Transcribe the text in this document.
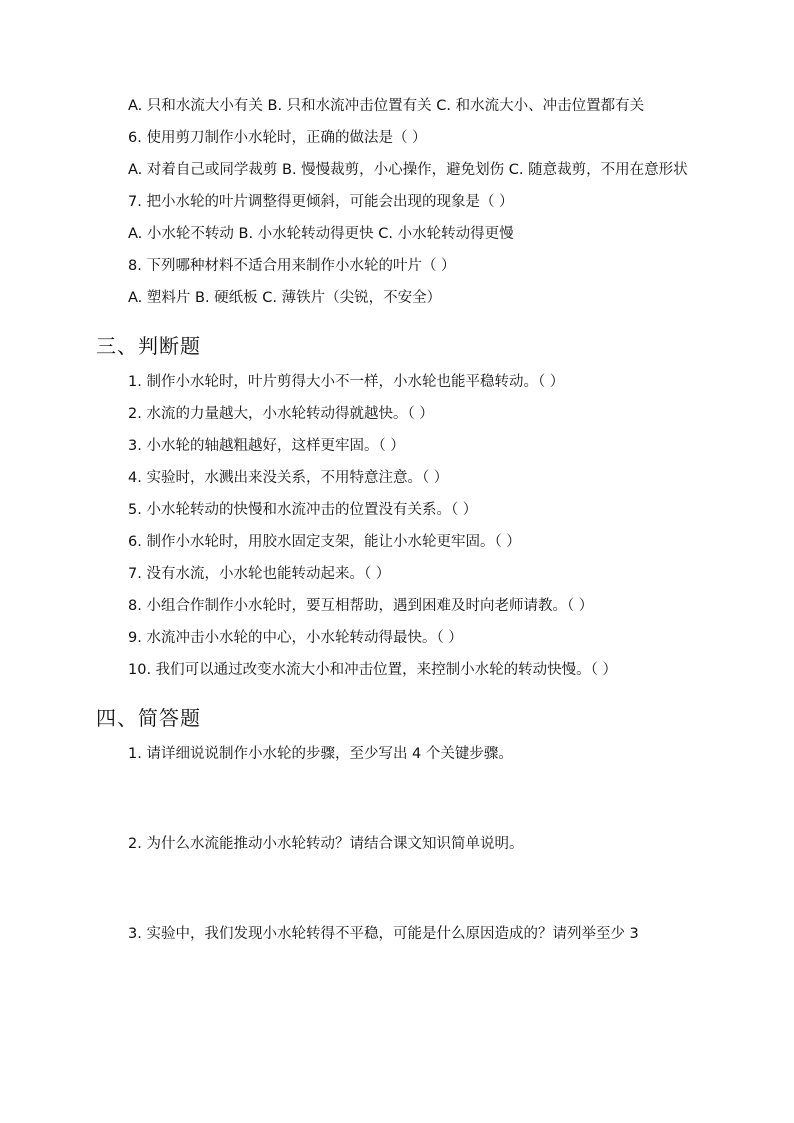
A. 只和水流大小有关 B. 只和水流冲击位置有关 C. 和水流大小、冲击位置都有关
6. 使用剪刀制作小水轮时，正确的做法是（ ）
A. 对着自己或同学裁剪 B. 慢慢裁剪，小心操作，避免划伤 C. 随意裁剪，不用在意形状
7. 把小水轮的叶片调整得更倾斜，可能会出现的现象是（ ）
A. 小水轮不转动 B. 小水轮转动得更快 C. 小水轮转动得更慢
8. 下列哪种材料不适合用来制作小水轮的叶片（ ）
A. 塑料片 B. 硬纸板 C. 薄铁片（尖锐，不安全）
三、判断题
1. 制作小水轮时，叶片剪得大小不一样，小水轮也能平稳转动。（ ）
2. 水流的力量越大，小水轮转动得就越快。（ ）
3. 小水轮的轴越粗越好，这样更牢固。（ ）
4. 实验时，水溅出来没关系，不用特意注意。（ ）
5. 小水轮转动的快慢和水流冲击的位置没有关系。（ ）
6. 制作小水轮时，用胶水固定支架，能让小水轮更牢固。（ ）
7. 没有水流，小水轮也能转动起来。（ ）
8. 小组合作制作小水轮时，要互相帮助，遇到困难及时向老师请教。（ ）
9. 水流冲击小水轮的中心，小水轮转动得最快。（ ）
10. 我们可以通过改变水流大小和冲击位置，来控制小水轮的转动快慢。（ ）
四、简答题
1. 请详细说说制作小水轮的步骤，至少写出 4 个关键步骤。
2. 为什么水流能推动小水轮转动？请结合课文知识简单说明。
3. 实验中，我们发现小水轮转得不平稳，可能是什么原因造成的？请列举至少 3
